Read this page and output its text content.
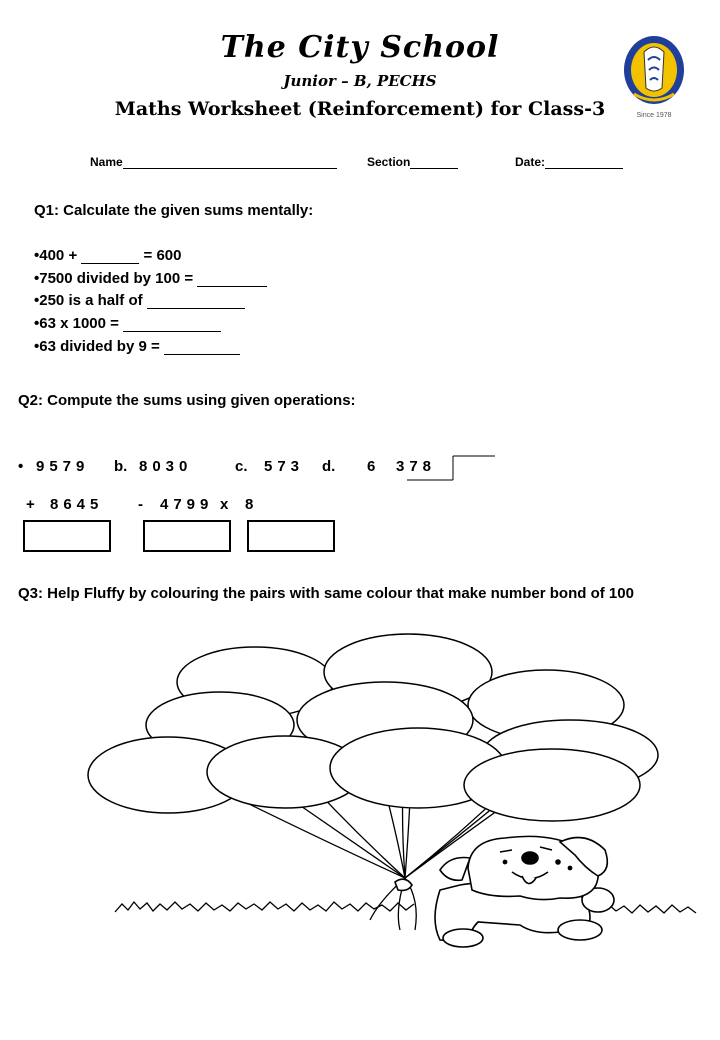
The City School
Junior – B, PECHS
Maths Worksheet (Reinforcement) for Class-3	Since 1978
Name	Section	Date:
Q1: Calculate the given sums mentally:
•400 +	= 600
•7500 divided by 100 =
•250 is a half of
•63 x 1000 =
•63 divided by 9 =
Q2: Compute the sums using given operations:
• 9579 b. 8030	c. 573 d. 6 378
+ 8645 - 4799 x 8
Q3: Help Fluffy by colouring the pairs with same colour that make number bond of 100
